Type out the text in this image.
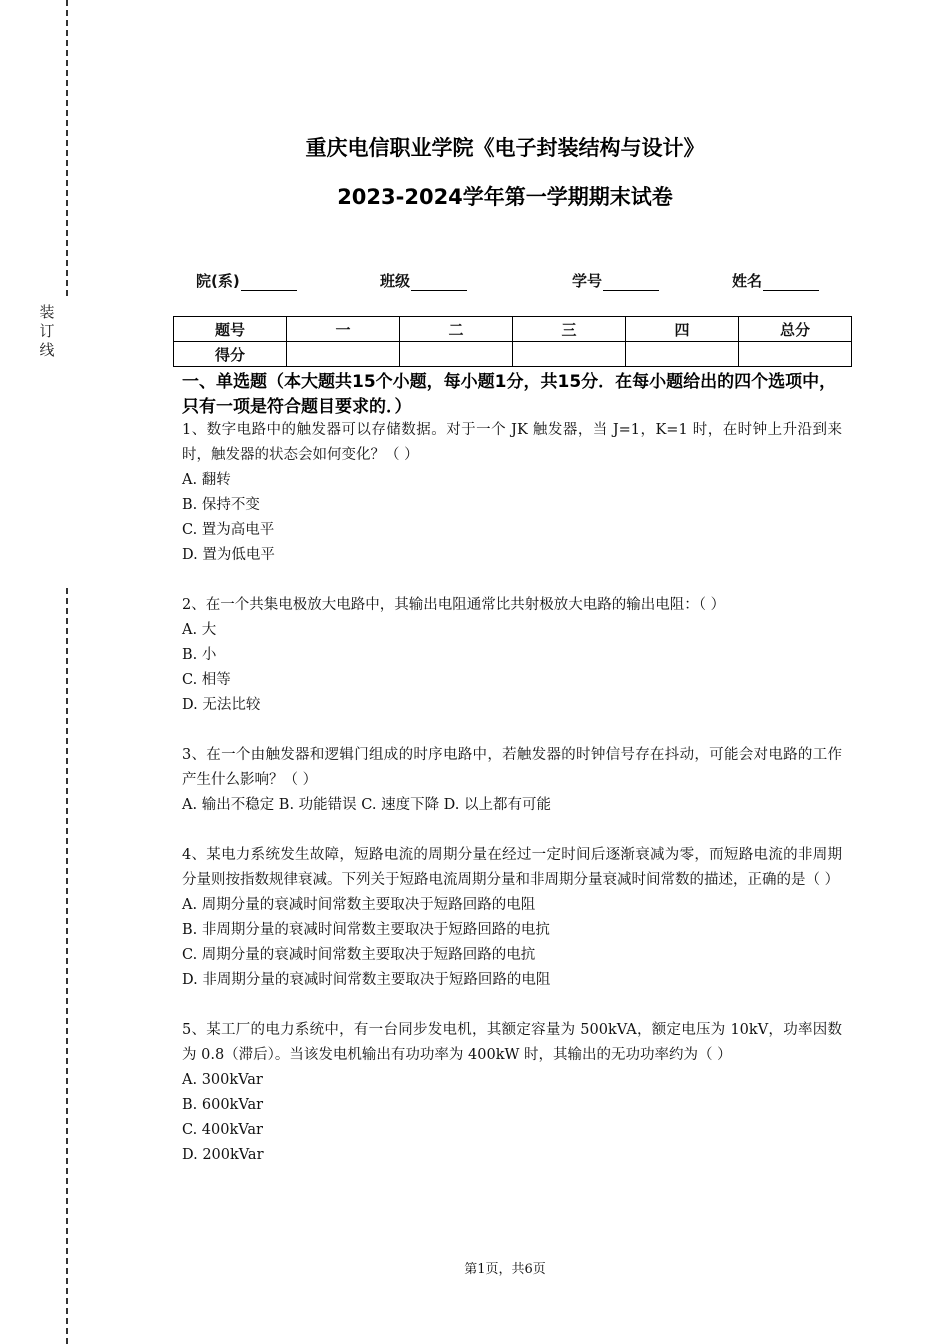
装订线
重庆电信职业学院《电子封装结构与设计》
2023-2024学年第一学期期末试卷
院(系)	班级	学号	姓名
题号	一	二	三	四	总分
得分					
一、单选题（本大题共15个小题，每小题1分，共15分．在每小题给出的四个选项中，只有一项是符合题目要求的．）
1、数字电路中的触发器可以存储数据。对于一个 JK 触发器，当 J=1，K=1 时，在时钟上升沿到来时，触发器的状态会如何变化？（ ）
A. 翻转
B. 保持不变
C. 置为高电平
D. 置为低电平
2、在一个共集电极放大电路中，其输出电阻通常比共射极放大电路的输出电阻：（ ）
A. 大
B. 小
C. 相等
D. 无法比较
3、在一个由触发器和逻辑门组成的时序电路中，若触发器的时钟信号存在抖动，可能会对电路的工作产生什么影响？（ ）
A. 输出不稳定 B. 功能错误 C. 速度下降 D. 以上都有可能
4、某电力系统发生故障，短路电流的周期分量在经过一定时间后逐渐衰减为零，而短路电流的非周期分量则按指数规律衰减。下列关于短路电流周期分量和非周期分量衰减时间常数的描述，正确的是（ ）
A. 周期分量的衰减时间常数主要取决于短路回路的电阻
B. 非周期分量的衰减时间常数主要取决于短路回路的电抗
C. 周期分量的衰减时间常数主要取决于短路回路的电抗
D. 非周期分量的衰减时间常数主要取决于短路回路的电阻
5、某工厂的电力系统中，有一台同步发电机，其额定容量为 500kVA，额定电压为 10kV，功率因数为 0.8（滞后）。当该发电机输出有功功率为 400kW 时，其输出的无功功率约为（ ）
A. 300kVar
B. 600kVar
C. 400kVar
D. 200kVar
第1页，共6页
